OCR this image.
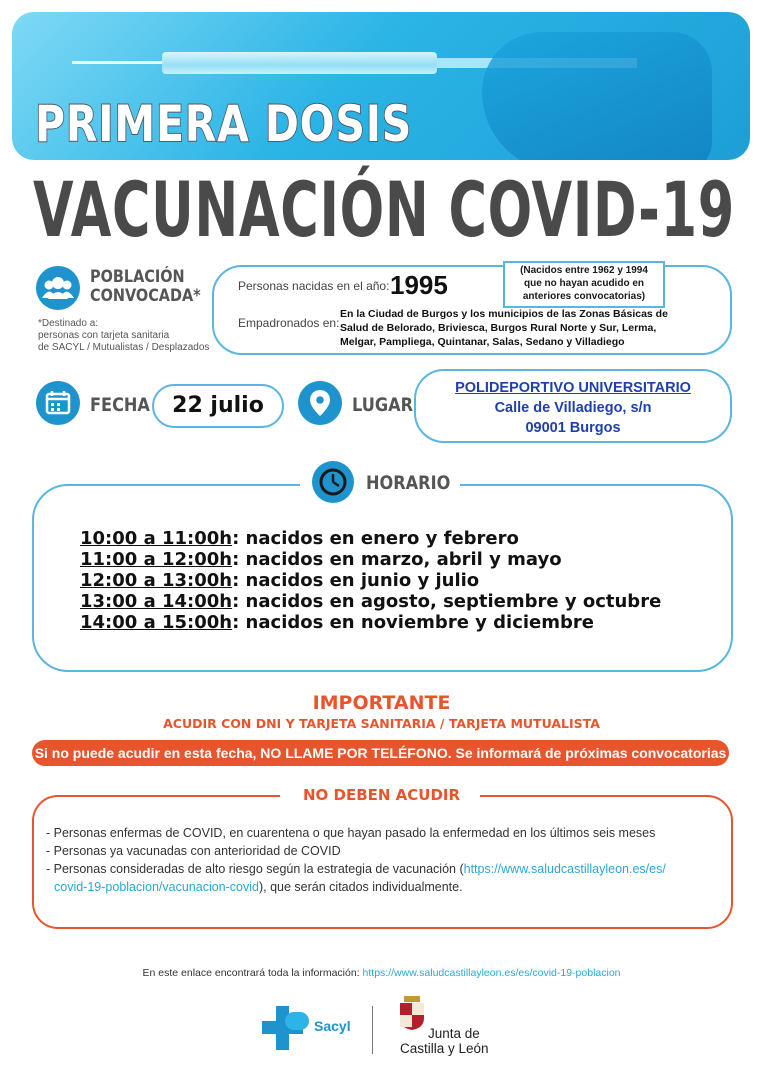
PRIMERA DOSIS
VACUNACIÓN COVID-19
POBLACIÓN
CONVOCADA*
*Destinado a:
personas con tarjeta sanitaria
de SACYL / Mutualistas / Desplazados
Personas nacidas en el año: 1995	(Nacidos entre 1962 y 1994
que no hayan acudido en
anteriores convocatorias)
Empadronados en:
En la Ciudad de Burgos y los municipios de las Zonas Básicas de
Salud de Belorado, Briviesca, Burgos Rural Norte y Sur, Lerma,
Melgar, Pampliega, Quintanar, Salas, Sedano y Villadiego
FECHA	22 julio	LUGAR
POLIDEPORTIVO UNIVERSITARIO
Calle de Villadiego, s/n
09001 Burgos
HORARIO
10:00 a 11:00h: nacidos en enero y febrero
11:00 a 12:00h: nacidos en marzo, abril y mayo
12:00 a 13:00h: nacidos en junio y julio
13:00 a 14:00h: nacidos en agosto, septiembre y octubre
14:00 a 15:00h: nacidos en noviembre y diciembre
IMPORTANTE
ACUDIR CON DNI Y TARJETA SANITARIA / TARJETA MUTUALISTA
Si no puede acudir en esta fecha, NO LLAME POR TELÉFONO. Se informará de próximas convocatorias
NO DEBEN ACUDIR
- Personas enfermas de COVID, en cuarentena o que hayan pasado la enfermedad en los últimos seis meses
- Personas ya vacunadas con anterioridad de COVID
- Personas consideradas de alto riesgo según la estrategia de vacunación (https://www.saludcastillayleon.es/es/
covid-19-poblacion/vacunacion-covid), que serán citados individualmente.
En este enlace encontrará toda la información: https://www.saludcastillayleon.es/es/covid-19-poblacion
Sacyl	Junta de
Castilla y León
